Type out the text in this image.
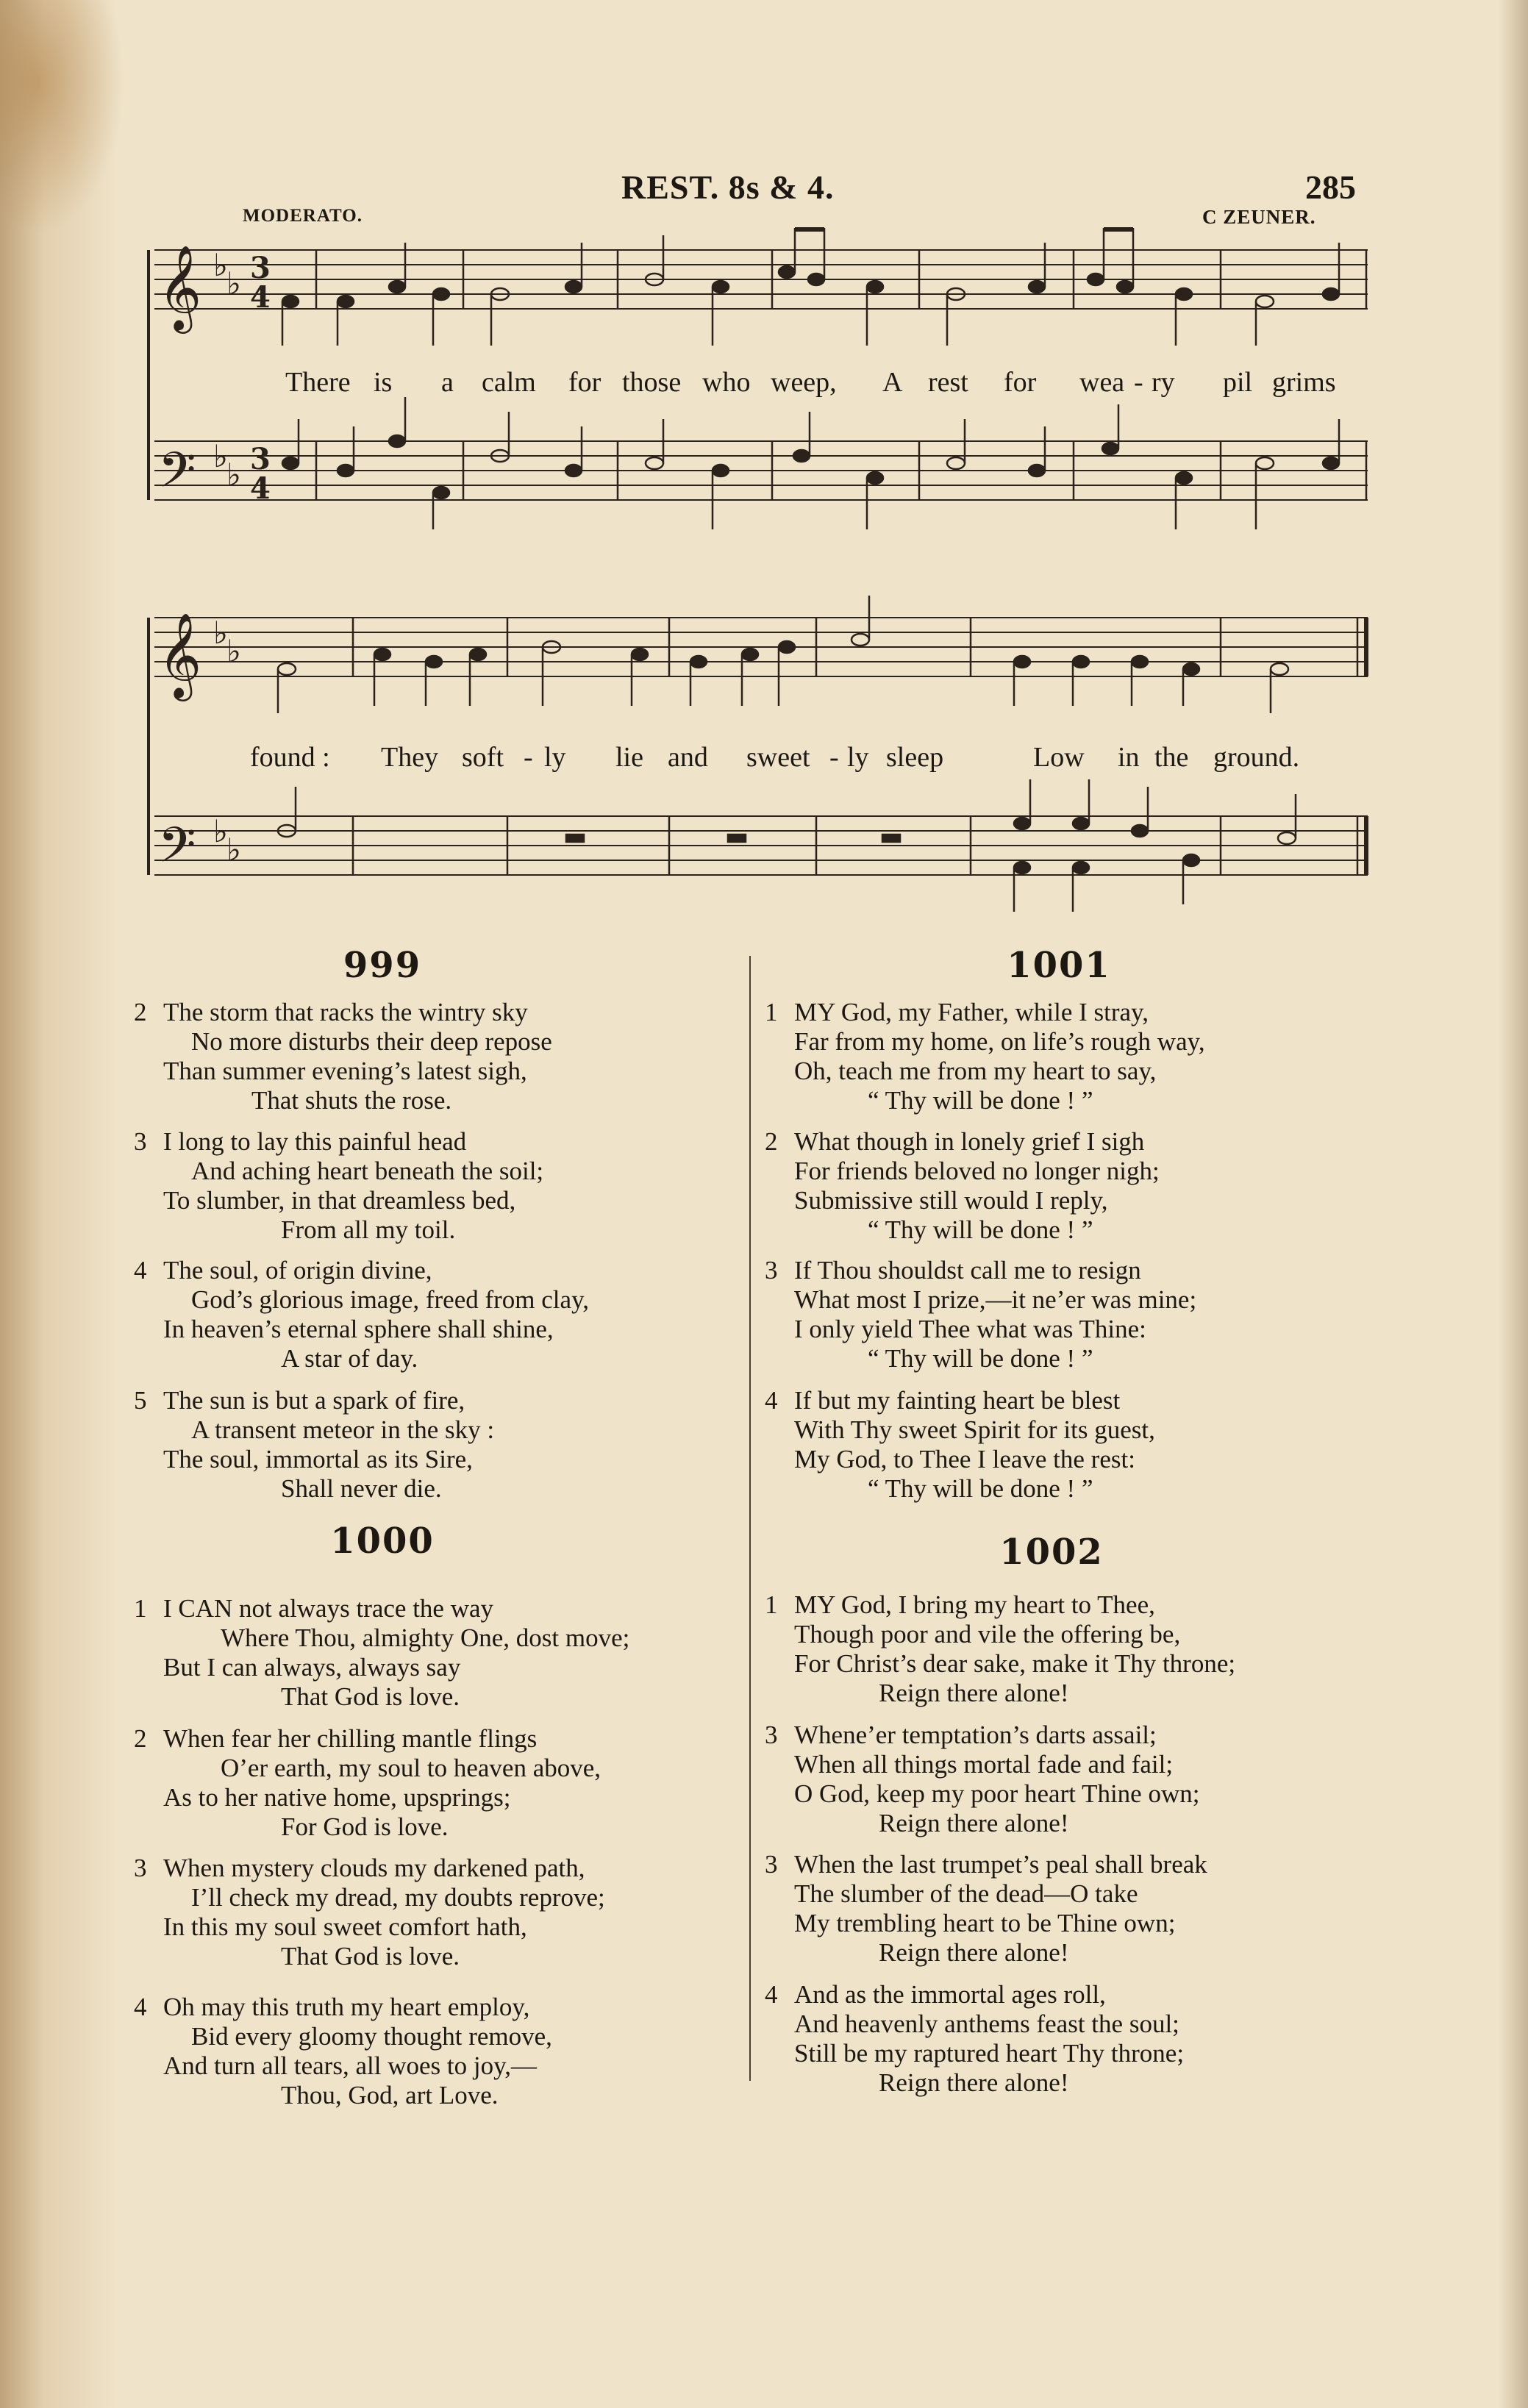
REST. 8s & 4.	285
MODERATO.	C ZEUNER.
𝄞
𝄢
𝄞
𝄢
♭
♭
♭
♭
♭
♭
♭
♭
3
4
3
4
There is a calm for those who weep, A rest for wea - ry pil grims
found : They soft - ly lie and sweet - ly sleep	Low in the ground.
999
2 The storm that racks the wintry sky
No more disturbs their deep repose
Than summer evening’s latest sigh,
That shuts the rose.
3 I long to lay this painful head
And aching heart beneath the soil;
To slumber, in that dreamless bed,
From all my toil.
4 The soul, of origin divine,
God’s glorious image, freed from clay,
In heaven’s eternal sphere shall shine,
A star of day.
5 The sun is but a spark of fire,
A transent meteor in the sky :
The soul, immortal as its Sire,
Shall never die.
1000
1 I CAN not always trace the way
Where Thou, almighty One, dost move;
But I can always, always say
That God is love.
2 When fear her chilling mantle flings
O’er earth, my soul to heaven above,
As to her native home, upsprings;
For God is love.
3 When mystery clouds my darkened path,
I’ll check my dread, my doubts reprove;
In this my soul sweet comfort hath,
That God is love.
4 Oh may this truth my heart employ,
Bid every gloomy thought remove,
And turn all tears, all woes to joy,—
Thou, God, art Love.
1001
1 MY God, my Father, while I stray,
Far from my home, on life’s rough way,
Oh, teach me from my heart to say,
“ Thy will be done ! ”
2 What though in lonely grief I sigh
For friends beloved no longer nigh;
Submissive still would I reply,
“ Thy will be done ! ”
3 If Thou shouldst call me to resign
What most I prize,—it ne’er was mine;
I only yield Thee what was Thine:
“ Thy will be done ! ”
4 If but my fainting heart be blest
With Thy sweet Spirit for its guest,
My God, to Thee I leave the rest:
“ Thy will be done ! ”
1002
1 MY God, I bring my heart to Thee,
Though poor and vile the offering be,
For Christ’s dear sake, make it Thy throne;
Reign there alone!
3 Whene’er temptation’s darts assail;
When all things mortal fade and fail;
O God, keep my poor heart Thine own;
Reign there alone!
3 When the last trumpet’s peal shall break
The slumber of the dead—O take
My trembling heart to be Thine own;
Reign there alone!
4 And as the immortal ages roll,
And heavenly anthems feast the soul;
Still be my raptured heart Thy throne;
Reign there alone!
